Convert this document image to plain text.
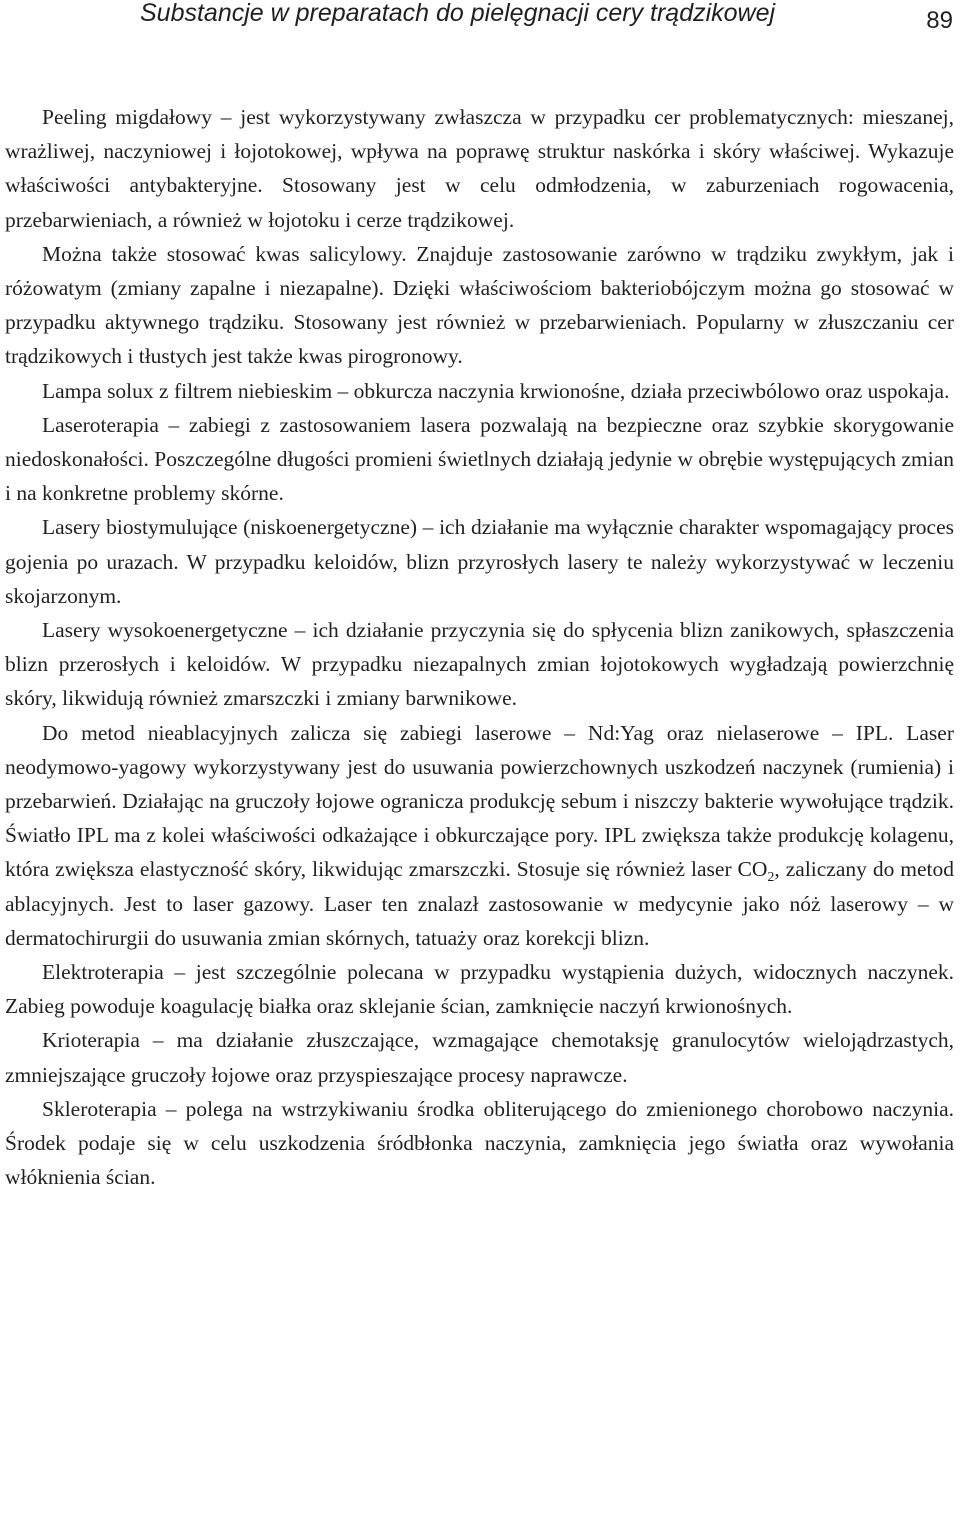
Substancje w preparatach do pielęgnacji cery trądzikowej	89

Peeling migdałowy – jest wykorzystywany zwłaszcza w przypadku cer problematycznych: mieszanej, wrażliwej, naczyniowej i łojotokowej, wpływa na poprawę struktur naskórka i skóry właściwej. Wykazuje właściwości antybakteryjne. Stosowany jest w celu odmłodzenia, w zaburzeniach rogowacenia, przebarwieniach, a również w łojotoku i cerze trądzikowej.

Można także stosować kwas salicylowy. Znajduje zastosowanie zarówno w trądziku zwykłym, jak i różowatym (zmiany zapalne i niezapalne). Dzięki właściwościom bakteriobójczym można go stosować w przypadku aktywnego trądziku. Stosowany jest również w przebarwieniach. Popularny w złuszczaniu cer trądzikowych i tłustych jest także kwas pirogronowy.

Lampa solux z filtrem niebieskim – obkurcza naczynia krwionośne, działa przeciwbólowo oraz uspokaja.

Laseroterapia – zabiegi z zastosowaniem lasera pozwalają na bezpieczne oraz szybkie skorygowanie niedoskonałości. Poszczególne długości promieni świetlnych działają jedynie w obrębie występujących zmian i na konkretne problemy skórne.

Lasery biostymulujące (niskoenergetyczne) – ich działanie ma wyłącznie charakter wspomagający proces gojenia po urazach. W przypadku keloidów, blizn przyrosłych lasery te należy wykorzystywać w leczeniu skojarzonym.

Lasery wysokoenergetyczne – ich działanie przyczynia się do spłycenia blizn zanikowych, spłaszczenia blizn przerosłych i keloidów. W przypadku niezapalnych zmian łojotokowych wygładzają powierzchnię skóry, likwidują również zmarszczki i zmiany barwnikowe.

Do metod nieablacyjnych zalicza się zabiegi laserowe – Nd:Yag oraz nielaserowe – IPL. Laser neodymowo-yagowy wykorzystywany jest do usuwania powierzchownych uszkodzeń naczynek (rumienia) i przebarwień. Działając na gruczoły łojowe ogranicza produkcję sebum i niszczy bakterie wywołujące trądzik. Światło IPL ma z kolei właściwości odkażające i obkurczające pory. IPL zwiększa także produkcję kolagenu, która zwiększa elastyczność skóry, likwidując zmarszczki. Stosuje się również laser $CO_2$, zaliczany do metod ablacyjnych. Jest to laser gazowy. Laser ten znalazł zastosowanie w medycynie jako nóż laserowy – w dermatochirurgii do usuwania zmian skórnych, tatuaży oraz korekcji blizn.

Elektroterapia – jest szczególnie polecana w przypadku wystąpienia dużych, widocznych naczynek. Zabieg powoduje koagulację białka oraz sklejanie ścian, zamknięcie naczyń krwionośnych.

Krioterapia – ma działanie złuszczające, wzmagające chemotaksję granulocytów wielojądrzastych, zmniejszające gruczoły łojowe oraz przyspieszające procesy naprawcze.

Skleroterapia – polega na wstrzykiwaniu środka obliterującego do zmienionego chorobowo naczynia. Środek podaje się w celu uszkodzenia śródbłonka naczynia, zamknięcia jego światła oraz wywołania włóknienia ścian.
